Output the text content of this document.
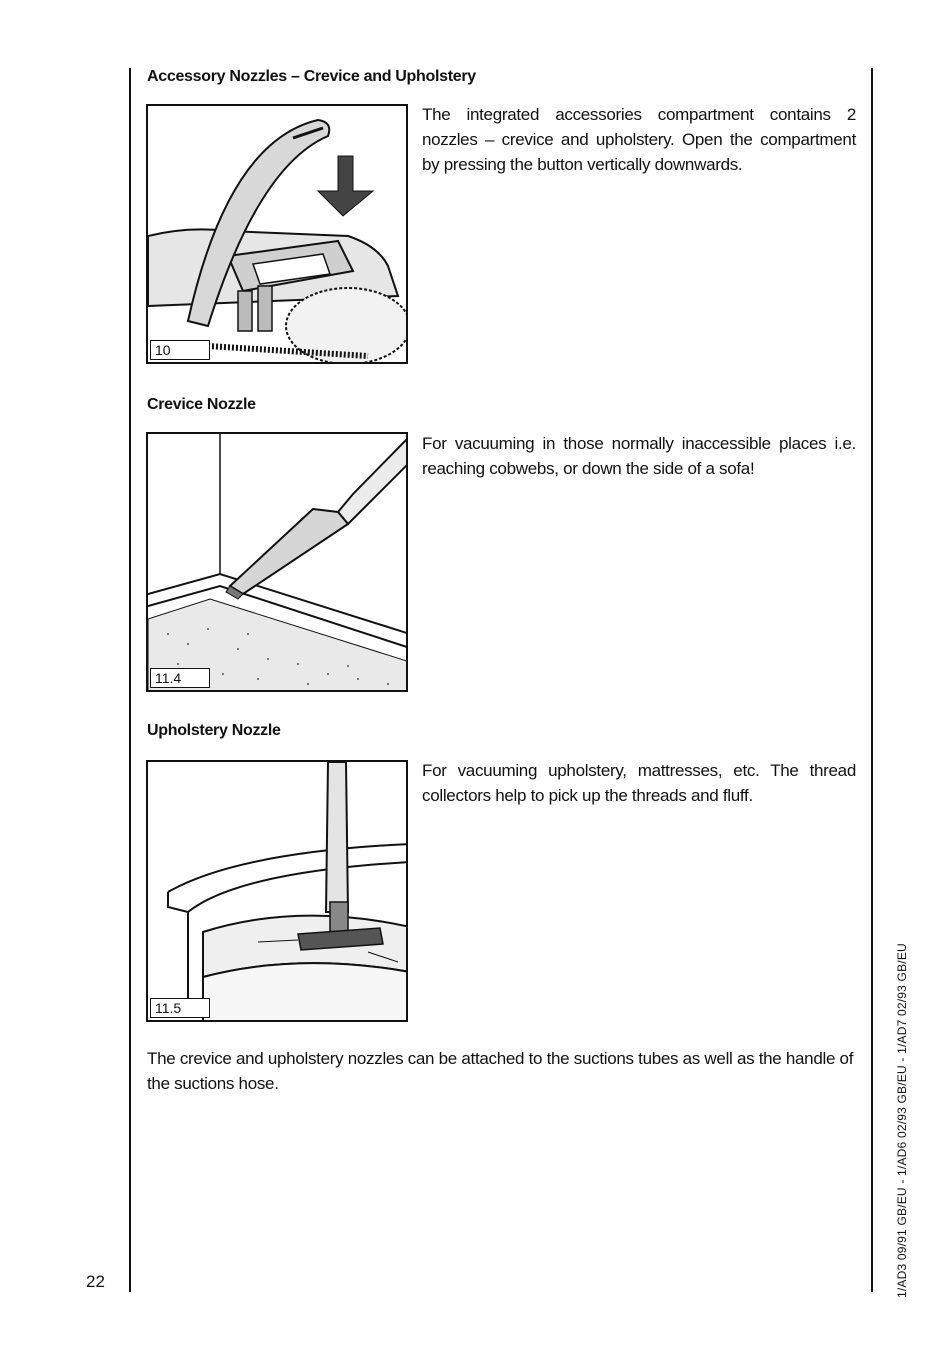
Accessory Nozzles – Crevice and Upholstery
10
The integrated accessories compartment contains 2 nozzles – crevice and upholstery. Open the compartment by pressing the button vertically downwards.
Crevice Nozzle
11.4
For vacuuming in those normally inaccessible places i.e. reaching cobwebs, or down the side of a sofa!
Upholstery Nozzle
11.5
For vacuuming upholstery, mattresses, etc. The thread collectors help to pick up the threads and fluff.
The crevice and upholstery nozzles can be attached to the suctions tubes as well as the handle of the suctions hose.
22	1/AD3 09/91 GB/EU - 1/AD6 02/93 GB/EU - 1/AD7 02/93 GB/EU
